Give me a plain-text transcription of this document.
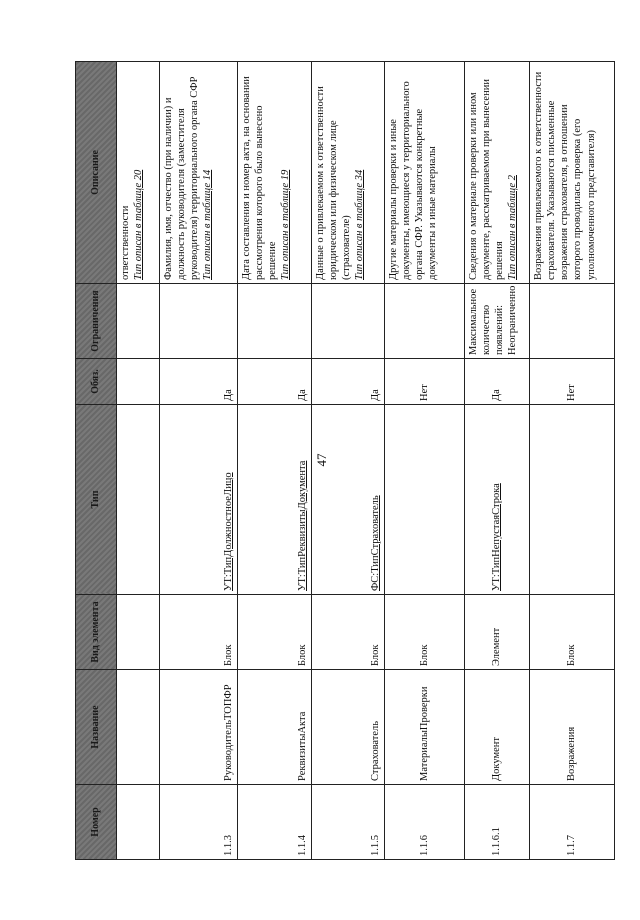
47
Номер	Название	Вид элемента	Тип	Обяз.	Ограничения	Описание
						ответственности Тип описан в таблице 20

1.1.3	РуководительТОПФР	Блок	УТ:ТипДолжностноеЛицо	Да		Фамилия, имя, отчество (при наличии) и должность руководителя (заместителя руководителя) территориального органа СФР Тип описан в таблице 14

1.1.4	РеквизитыАкта	Блок	УТ:ТипРеквизитыДокумента	Да		Дата составления и номер акта, на основании рассмотрения которого было вынесено решение Тип описан в таблице 19

1.1.5	Страхователь	Блок	ФС:ТипСтрахователь	Да		Данные о привлекаемом к ответственности юридическом или физическом лице (страхователе) Тип описан в таблице 34

1.1.6	МатериалыПроверки	Блок		Нет		Другие материалы проверки и иные документы, имеющиеся у территориального органа СФР. Указываются конкретные документы и иные материалы
1.1.6.1	Документ	Элемент	УТ:ТипНепустаяСтрока	Да	Максимальное количество появлений: Неограниченно	Сведения о материале проверки или ином документе, рассматриваемом при вынесении решения Тип описан в таблице 2

1.1.7	Возражения	Блок		Нет		Возражения привлекаемого к ответственности страхователя. Указываются письменные возражения страхователя, в отношении которого проводилась проверка (его уполномоченного представителя)
